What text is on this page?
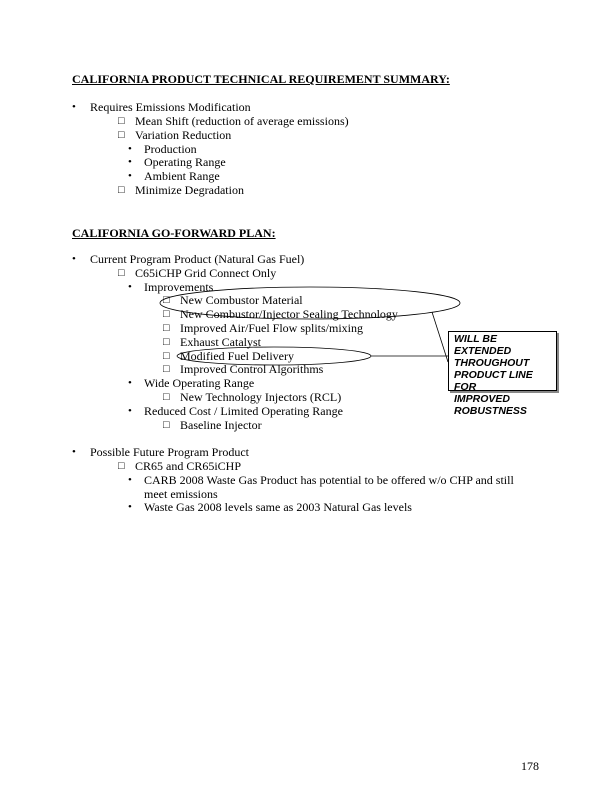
CALIFORNIA PRODUCT TECHNICAL REQUIREMENT SUMMARY:
• Requires Emissions Modification
□ Mean Shift (reduction of average emissions)
□ Variation Reduction
• Production
• Operating Range
• Ambient Range
□ Minimize Degradation
CALIFORNIA GO-FORWARD PLAN:
• Current Program Product (Natural Gas Fuel)
□ C65iCHP Grid Connect Only
• Improvements
□ New Combustor Material
□ New Combustor/Injector Sealing Technology
□ Improved Air/Fuel Flow splits/mixing
□ Exhaust Catalyst
□ Modified Fuel Delivery
□ Improved Control Algorithms
• Wide Operating Range
□ New Technology Injectors (RCL)
• Reduced Cost / Limited Operating Range
□ Baseline Injector
• Possible Future Program Product
□ CR65 and CR65iCHP
• CARB 2008 Waste Gas Product has potential to be offered w/o CHP and still
meet emissions
• Waste Gas 2008 levels same as 2003 Natural Gas levels
WILL BE EXTENDED
THROUGHOUT
PRODUCT LINE FOR
IMPROVED
ROBUSTNESS
178
